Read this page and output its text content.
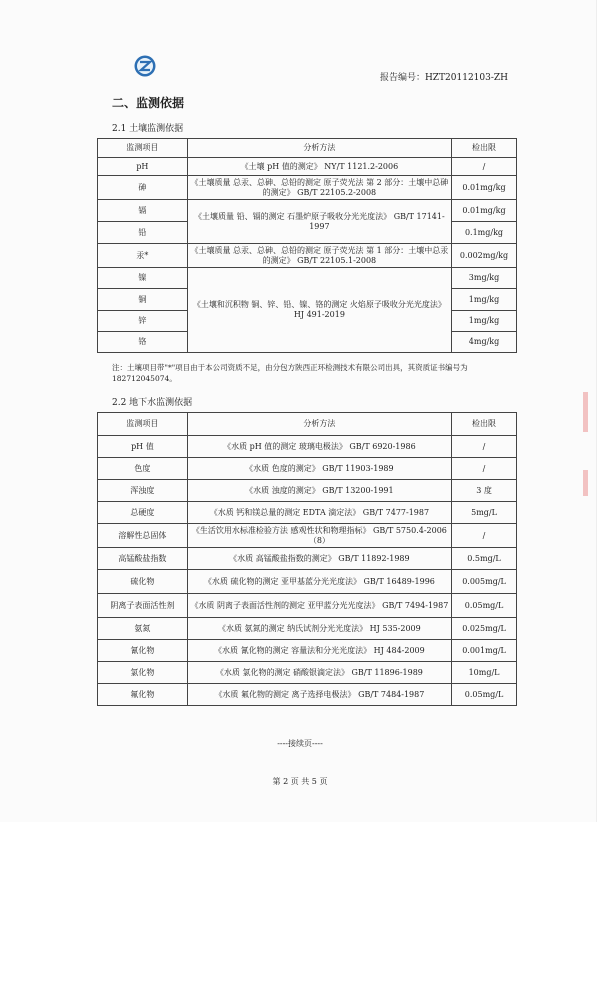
报告编号：HZT20112103-ZH
二、监测依据
2.1 土壤监测依据
监测项目	分析方法	检出限
pH	《土壤 pH 值的测定》 NY/T 1121.2-2006	/
砷	《土壤质量 总汞、总砷、总铅的测定 原子荧光法 第 2 部分：土壤中总砷的测定》 GB/T 22105.2-2008	0.01mg/kg
镉	《土壤质量 铅、镉的测定 石墨炉原子吸收分光光度法》 GB/T 17141-1997	0.01mg/kg
铅		0.1mg/kg
汞*	《土壤质量 总汞、总砷、总铅的测定 原子荧光法 第 1 部分：土壤中总汞的测定》 GB/T 22105.1-2008	0.002mg/kg
镍	《土壤和沉积物 铜、锌、铅、镍、铬的测定 火焰原子吸收分光光度法》 HJ 491-2019	3mg/kg
铜		1mg/kg
锌		1mg/kg
铬		4mg/kg
注：土壤项目带"*"项目由于本公司资质不足，由分包方陕西正环检测技术有限公司出具，其资质证书编号为 182712045074。
2.2 地下水监测依据
监测项目	分析方法	检出限
pH 值	《水质 pH 值的测定 玻璃电极法》 GB/T 6920-1986	/
色度	《水质 色度的测定》 GB/T 11903-1989	/
浑浊度	《水质 浊度的测定》 GB/T 13200-1991	3 度
总硬度	《水质 钙和镁总量的测定 EDTA 滴定法》 GB/T 7477-1987	5mg/L
溶解性总固体	《生活饮用水标准检验方法 感观性状和物理指标》 GB/T 5750.4-2006（8）	/
高锰酸盐指数	《水质 高锰酸盐指数的测定》 GB/T 11892-1989	0.5mg/L
硫化物	《水质 硫化物的测定 亚甲基蓝分光光度法》 GB/T 16489-1996	0.005mg/L
阴离子表面活性剂	《水质 阴离子表面活性剂的测定 亚甲蓝分光光度法》 GB/T 7494-1987	0.05mg/L
氨氮	《水质 氨氮的测定 纳氏试剂分光光度法》 HJ 535-2009	0.025mg/L
氰化物	《水质 氰化物的测定 容量法和分光光度法》 HJ 484-2009	0.001mg/L
氯化物	《水质 氯化物的测定 硝酸银滴定法》 GB/T 11896-1989	10mg/L
氟化物	《水质 氟化物的测定 离子选择电极法》 GB/T 7484-1987	0.05mg/L
----接续页----
第 2 页 共 5 页
